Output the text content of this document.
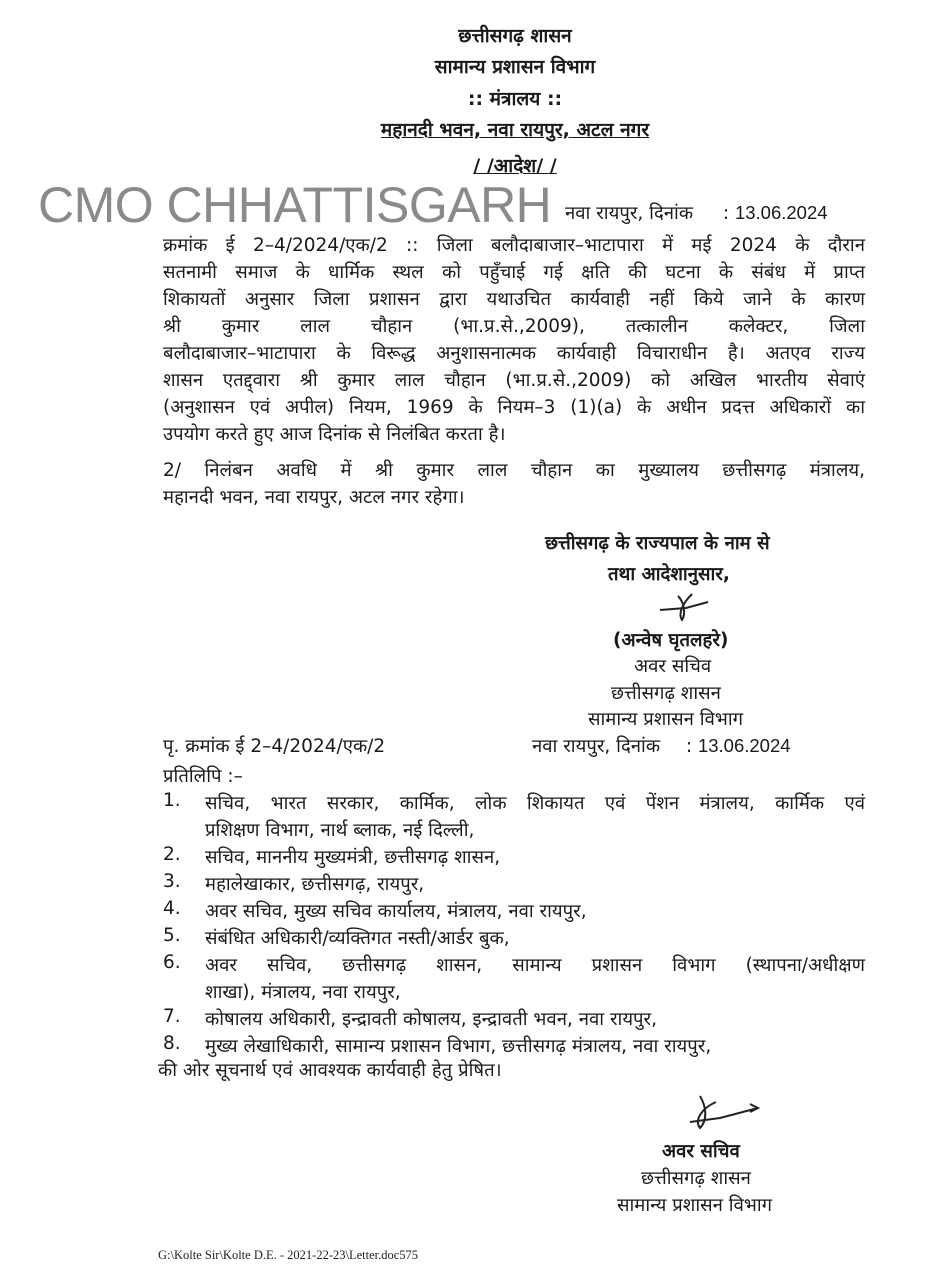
छत्तीसगढ़ शासन
सामान्य प्रशासन विभाग
:: मंत्रालय ::
महानदी भवन, नवा रायपुर, अटल नगर
/ /आदेश/ /
CMO CHHATTISGARH नवा रायपुर, दिनांक : 13.06.2024
क्रमांक ई 2–4/2024/एक/2 :: जिला बलौदाबाजार–भाटापारा में मई 2024 के दौरान
सतनामी समाज के धार्मिक स्थल को पहुँचाई गई क्षति की घटना के संबंध में प्राप्त
शिकायतों अनुसार जिला प्रशासन द्वारा यथाउचित कार्यवाही नहीं किये जाने के कारण
श्री कुमार लाल चौहान (भा.प्र.से.,2009), तत्कालीन कलेक्टर, जिला
बलौदाबाजार–भाटापारा के विरूद्ध अनुशासनात्मक कार्यवाही विचाराधीन है। अतएव राज्य
शासन एतद्द्वारा श्री कुमार लाल चौहान (भा.प्र.से.,2009) को अखिल भारतीय सेवाएं
(अनुशासन एवं अपील) नियम, 1969 के नियम–3 (1)(a) के अधीन प्रदत्त अधिकारों का
उपयोग करते हुए आज दिनांक से निलंबित करता है।
2/ निलंबन अवधि में श्री कुमार लाल चौहान का मुख्यालय छत्तीसगढ़ मंत्रालय,
महानदी भवन, नवा रायपुर, अटल नगर रहेगा।
छत्तीसगढ़ के राज्यपाल के नाम से
तथा आदेशानुसार,
(अन्वेष घृतलहरे)
अवर सचिव
छत्तीसगढ़ शासन
सामान्य प्रशासन विभाग
पृ. क्रमांक ई 2–4/2024/एक/2	नवा रायपुर, दिनांक : 13.06.2024
प्रतिलिपि :–
1.	सचिव, भारत सरकार, कार्मिक, लोक शिकायत एवं पेंशन मंत्रालय, कार्मिक एवं
प्रशिक्षण विभाग, नार्थ ब्लाक, नई दिल्ली,
2.	सचिव, माननीय मुख्यमंत्री, छत्तीसगढ़ शासन,
3.	महालेखाकार, छत्तीसगढ़, रायपुर,
4.	अवर सचिव, मुख्य सचिव कार्यालय, मंत्रालय, नवा रायपुर,
5.	संबंधित अधिकारी/व्यक्तिगत नस्ती/आर्डर बुक,
6.	अवर सचिव, छत्तीसगढ़ शासन, सामान्य प्रशासन विभाग (स्थापना/अधीक्षण
शाखा), मंत्रालय, नवा रायपुर,
7.	कोषालय अधिकारी, इन्द्रावती कोषालय, इन्द्रावती भवन, नवा रायपुर,
8.	मुख्य लेखाधिकारी, सामान्य प्रशासन विभाग, छत्तीसगढ़ मंत्रालय, नवा रायपुर,
की ओर सूचनार्थ एवं आवश्यक कार्यवाही हेतु प्रेषित।
अवर सचिव
छत्तीसगढ़ शासन
सामान्य प्रशासन विभाग
G:\Kolte Sir\Kolte D.E. - 2021-22-23\Letter.doc575
